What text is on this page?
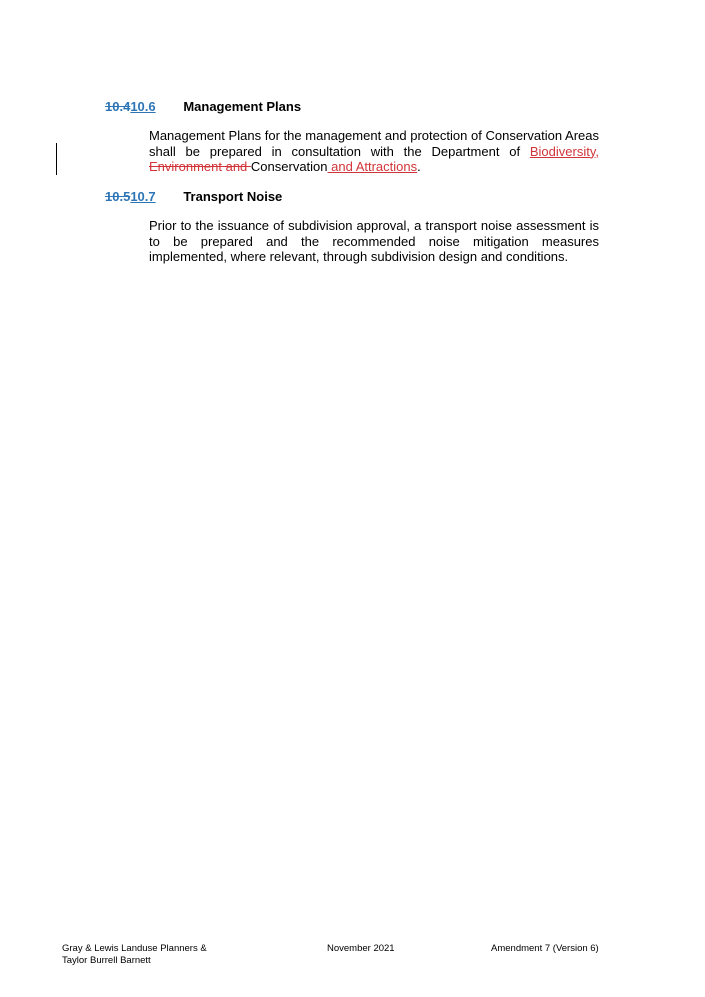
10.410.6 Management Plans
Management Plans for the management and protection of Conservation Areas shall be prepared in consultation with the Department of Biodiversity, Environment and Conservation and Attractions.
10.510.7 Transport Noise
Prior to the issuance of subdivision approval, a transport noise assessment is to be prepared and the recommended noise mitigation measures implemented, where relevant, through subdivision design and conditions.
Gray & Lewis Landuse Planners &
Taylor Burrell Barnett
November 2021	Amendment 7 (Version 6)
